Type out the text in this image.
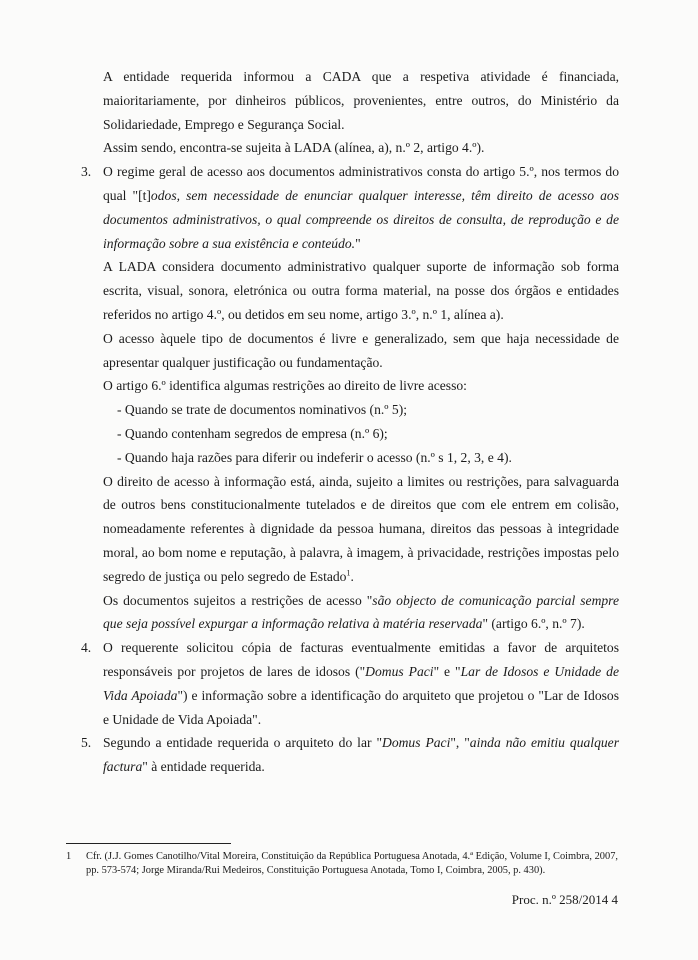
A entidade requerida informou a CADA que a respetiva atividade é financiada, maioritariamente, por dinheiros públicos, provenientes, entre outros, do Ministério da Solidariedade, Emprego e Segurança Social.

Assim sendo, encontra-se sujeita à LADA (alínea, a), n.º 2, artigo 4.º).

3. O regime geral de acesso aos documentos administrativos consta do artigo 5.º, nos termos do qual "[t]odos, sem necessidade de enunciar qualquer interesse, têm direito de acesso aos documentos administrativos, o qual compreende os direitos de consulta, de reprodução e de informação sobre a sua existência e conteúdo."

A LADA considera documento administrativo qualquer suporte de informação sob forma escrita, visual, sonora, eletrónica ou outra forma material, na posse dos órgãos e entidades referidos no artigo 4.º, ou detidos em seu nome, artigo 3.º, n.º 1, alínea a).

O acesso àquele tipo de documentos é livre e generalizado, sem que haja necessidade de apresentar qualquer justificação ou fundamentação.

O artigo 6.º identifica algumas restrições ao direito de livre acesso:

- Quando se trate de documentos nominativos (n.º 5);

- Quando contenham segredos de empresa (n.º 6);

- Quando haja razões para diferir ou indeferir o acesso (n.º s 1, 2, 3, e 4).

O direito de acesso à informação está, ainda, sujeito a limites ou restrições, para salvaguarda de outros bens constitucionalmente tutelados e de direitos que com ele entrem em colisão, nomeadamente referentes à dignidade da pessoa humana, direitos das pessoas à integridade moral, ao bom nome e reputação, à palavra, à imagem, à privacidade, restrições impostas pelo segredo de justiça ou pelo segredo de Estado$^1$.

Os documentos sujeitos a restrições de acesso "são objecto de comunicação parcial sempre que seja possível expurgar a informação relativa à matéria reservada" (artigo 6.º, n.º 7).

4. O requerente solicitou cópia de facturas eventualmente emitidas a favor de arquitetos responsáveis por projetos de lares de idosos ("Domus Paci" e "Lar de Idosos e Unidade de Vida Apoiada") e informação sobre a identificação do arquiteto que projetou o "Lar de Idosos e Unidade de Vida Apoiada".

5. Segundo a entidade requerida o arquiteto do lar "Domus Paci", "ainda não emitiu qualquer factura" à entidade requerida.

1 Cfr. (J.J. Gomes Canotilho/Vital Moreira, Constituição da República Portuguesa Anotada, 4.ª Edição, Volume I, Coimbra, 2007, pp. 573-574; Jorge Miranda/Rui Medeiros, Constituição Portuguesa Anotada, Tomo I, Coimbra, 2005, p. 430).

Proc. n.º 258/2014 4
